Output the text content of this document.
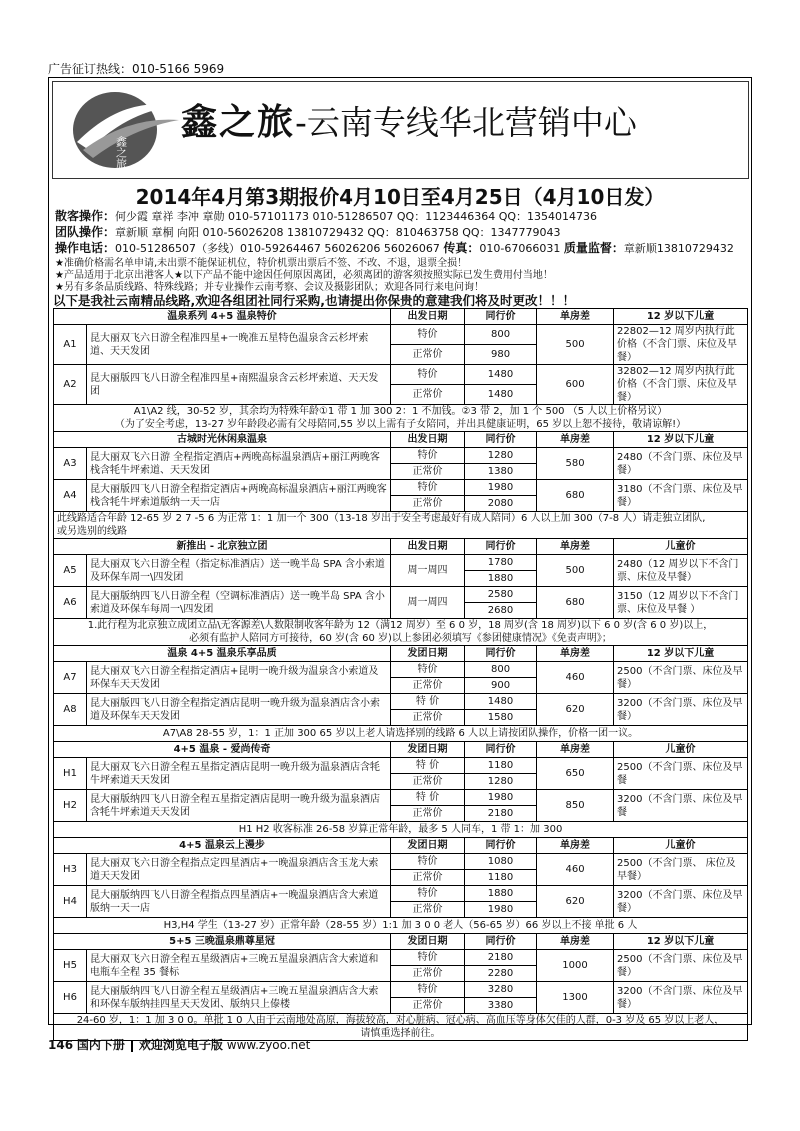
广告征订热线：010-5166 5969
鑫之旅
鑫之旅-云南专线华北营销中心
2014年4月第3期报价4月10日至4月25日（4月10日发）
散客操作：何少霞 章祥 李冲 章勋 010-57101173 010-51286507 QQ：1123446364 QQ：1354014736
团队操作：章新顺 章桐 向阳 010-56026208 13810729432 QQ：810463758 QQ：1347779043
操作电话：010-51286507（多线）010-59264467 56026206 56026067 传真：010-67066031 质量监督：章新顺13810729432
★准确价格需名单申请,未出票不能保证机位，特价机票出票后不签、不改、不退，退票全损！
★产品适用于北京出港客人★以下产品不能中途因任何原因离团，必须离团的游客须按照实际已发生费用付当地！
★另有多条品质线路、特殊线路；并专业操作云南考察、会议及摄影团队；欢迎各同行来电问询！
以下是我社云南精品线路,欢迎各组团社同行采购,也请提出你保贵的意建我们将及时更改！！！
温泉系列 4+5 温泉特价		出发日期	同行价	单房差	12 岁以下儿童
A1	昆大丽双飞六日游全程准四星+一晚准五星特色温泉含云杉坪索道、天天发团	特价	800	500	22802—12 周岁内执行此价格（不含门票、床位及早餐）
		正常价	980		
A2	昆大丽版四飞八日游全程准四星+南熙温泉含云杉坪索道、天天发团	特价	1480	600	32802—12 周岁内执行此价格（不含门票、床位及早餐）
		正常价	1480		

A1\A2 线，30-52 岁，其余均为特殊年龄①1 带 1 加 300 2：1 不加钱。②3 带 2，加 1 个 500 （5 人以上价格另议）
（为了安全考虑，13-27 岁年龄段必需有父母陪同,55 岁以上需有子女陪同，并出具健康证明，65 岁以上恕不接待，敬请谅解!）					

古城时光休闲泉温泉		出发日期	同行价	单房差	12 岁以下儿童
A3	昆大丽双飞六日游 全程指定酒店+两晚高标温泉酒店+丽江两晚客栈含牦牛坪索道、天天发团	特价	1280	580	2480（不含门票、床位及早餐）
		正常价	1380		
A4	昆大丽版四飞八日游全程指定酒店+两晚高标温泉酒店+丽江两晚客栈含牦牛坪索道版纳一天一店	特价	1980	680	3180（不含门票、床位及早餐）
		正常价	2080		

此线路适合年龄 12-65 岁 2 7 -5 6 为正常 1：1 加一个 300（13-18 岁出于安全考虑最好有成人陪同）6 人以上加 300（7-8 人）请走独立团队,
或另选别的线路					

新推出 - 北京独立团		出发日期	同行价	单房差	儿童价
A5	昆大丽双飞六日游全程（指定标准酒店）送一晚半岛 SPA 含小索道及环保车周一\四发团	周一周四	1780	500	2480（12 周岁以下不含门票、床位及早餐）
			1880		
A6	昆大丽版纳四飞八日游全程（空调标准酒店）送一晚半岛 SPA 含小索道及环保车每周一\四发团	周一周四	2580	680	3150（12 周岁以下不含门票、床位及早餐 ）
			2680		

1.此行程为北京独立成团立品\无客源差\人数限制收客年龄为 12（满12 周岁）至 6 0 岁，18 周岁(含 18 周岁)以下 6 0 岁(含 6 0 岁)以上，
必须有监护人陪同方可接待，60 岁(含 60 岁)以上参团必须填写《参团健康情况》《免责声明》；					

温泉 4+5 温泉乐享品质		发团日期	同行价	单房差	12 岁以下儿童
A7	昆大丽双飞六日游全程指定酒店+昆明一晚升级为温泉含小索道及环保车天天发团	特价	800	460	2500（不含门票、床位及早餐）
		正常价	900		
A8	昆大丽版四飞八日游全程指定酒店昆明一晚升级为温泉酒店含小索道及环保车天天发团	特 价	1480	620	3200（不含门票、床位及早餐）
		正常价	1580		

A7\A8 28-55 岁，1：1 正加 300 65 岁以上老人请选择别的线路 6 人以上请按团队操作，价格一团一议。					

4+5 温泉 - 爱尚传奇		发团日期	同行价	单房差	儿童价
H1	昆大丽双飞六日游全程五星指定酒店昆明一晚升级为温泉酒店含牦牛坪索道天天发团	特 价	1180	650	2500（不含门票、床位及早餐
		正常价	1280		
H2	昆大丽版纳四飞八日游全程五星指定酒店昆明一晚升级为温泉酒店含牦牛坪索道天天发团	特 价	1980	850	3200（不含门票、床位及早餐
		正常价	2180		

H1 H2 收客标准 26-58 岁算正常年龄，最多 5 人同车，1 带 1：加 300					

4+5 温泉云上漫步		发团日期	同行价	单房差	儿童价
H3	昆大丽双飞六日游全程指点定四星酒店+一晚温泉酒店含玉龙大索道天天发团	特价	1080	460	2500（不含门票、 床位及早餐）
		正常价	1180		
H4	昆大丽版纳四飞八日游全程指点四星酒店+一晚温泉酒店含大索道版纳一天一店	特价	1880	620	3200（不含门票、床位及早餐）
		正常价	1980		

H3,H4 学生（13-27 岁）正常年龄（28-55 岁）1:1 加 3 0 0 老人（56-65 岁）66 岁以上不接 单批 6 人					

5+5 三晚温泉鼎尊星冠		发团日期	同行价	单房差	12 岁以下儿童
H5	昆大丽双飞六日游全程五星级酒店+三晚五星温泉酒店含大索道和电瓶车全程 35 餐标	特价	2180	1000	2500（不含门票、床位及早餐）
		正常价	2280		
H6	昆大丽版纳四飞八日游全程五星级酒店+三晚五星温泉酒店含大索和环保车版纳挂四星天天发团、版纳只上傣楼	特价	3280	1300	3200（不含门票、床位及早餐）
		正常价	3380		

24-60 岁，1：1 加 3 0 0。单批 1 0 人由于云南地处高原，海拔较高，对心脏病、冠心病、高血压等身体欠佳的人群，0-3 岁及 65 岁以上老人，
请慎重选择前往。					
146 国内下册 欢迎浏览电子版 www.zyoo.net
